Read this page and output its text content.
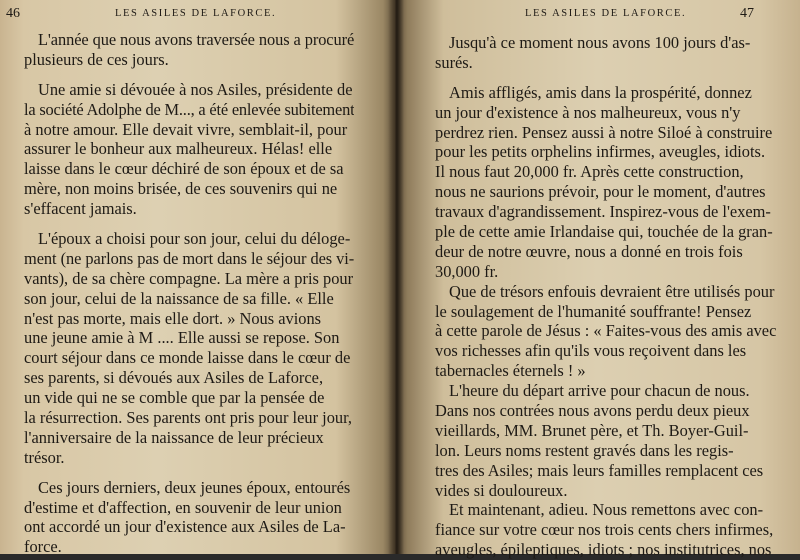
46	LES ASILES DE LAFORCE.
L'année que nous avons traversée nous a procuré
plusieurs de ces jours.
Une amie si dévouée à nos Asiles, présidente de
la société Adolphe de M..., a été enlevée subitement
à notre amour. Elle devait vivre, semblait-il, pour
assurer le bonheur aux malheureux. Hélas! elle
laisse dans le cœur déchiré de son époux et de sa
mère, non moins brisée, de ces souvenirs qui ne
s'effacent jamais.
L'époux a choisi pour son jour, celui du déloge-
ment (ne parlons pas de mort dans le séjour des vi-
vants), de sa chère compagne. La mère a pris pour
son jour, celui de la naissance de sa fille. « Elle
n'est pas morte, mais elle dort. » Nous avions
une jeune amie à M .... Elle aussi se repose. Son
court séjour dans ce monde laisse dans le cœur de
ses parents, si dévoués aux Asiles de Laforce,
un vide qui ne se comble que par la pensée de
la résurrection. Ses parents ont pris pour leur jour,
l'anniversaire de la naissance de leur précieux
trésor.
Ces jours derniers, deux jeunes époux, entourés
d'estime et d'affection, en souvenir de leur union
ont accordé un jour d'existence aux Asiles de La-
force.
LES ASILES DE LAFORCE.	47
Jusqu'à ce moment nous avons 100 jours d'as-
surés.
Amis affligés, amis dans la prospérité, donnez
un jour d'existence à nos malheureux, vous n'y
perdrez rien. Pensez aussi à notre Siloé à construire
pour les petits orphelins infirmes, aveugles, idiots.
Il nous faut 20,000 fr. Après cette construction,
nous ne saurions prévoir, pour le moment, d'autres
travaux d'agrandissement. Inspirez-vous de l'exem-
ple de cette amie Irlandaise qui, touchée de la gran-
deur de notre œuvre, nous a donné en trois fois
30,000 fr.
Que de trésors enfouis devraient être utilisés pour
le soulagement de l'humanité souffrante! Pensez
à cette parole de Jésus : « Faites-vous des amis avec
vos richesses afin qu'ils vous reçoivent dans les
tabernacles éternels ! »
L'heure du départ arrive pour chacun de nous.
Dans nos contrées nous avons perdu deux pieux
vieillards, MM. Brunet père, et Th. Boyer-Guil-
lon. Leurs noms restent gravés dans les regis-
tres des Asiles; mais leurs familles remplacent ces
vides si douloureux.
Et maintenant, adieu. Nous remettons avec con-
fiance sur votre cœur nos trois cents chers infirmes,
aveugles, épileptiques, idiots ; nos institutrices, nos
